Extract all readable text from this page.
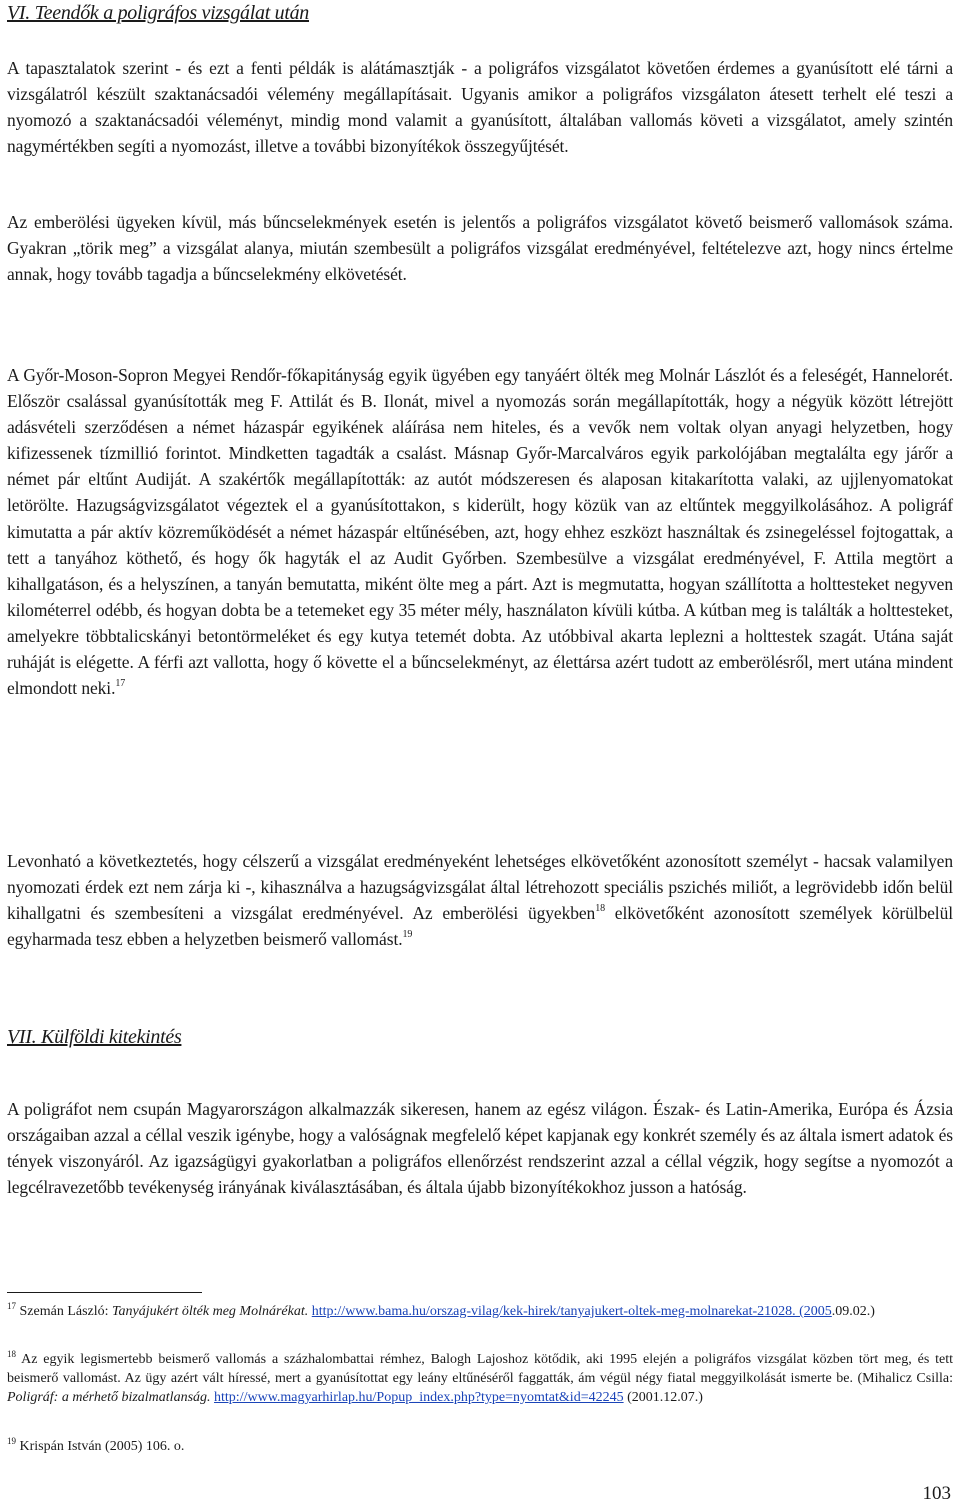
VI. Teendők a poligráfos vizsgálat után

A tapasztalatok szerint - és ezt a fenti példák is alátámasztják - a poligráfos vizsgálatot követően érdemes a gyanúsított elé tárni a vizsgálatról készült szaktanácsadói vélemény megállapításait. Ugyanis amikor a poligráfos vizsgálaton átesett terhelt elé teszi a nyomozó a szaktanácsadói véleményt, mindig mond valamit a gyanúsított, általában vallomás követi a vizsgálatot, amely szintén nagymértékben segíti a nyomozást, illetve a további bizonyítékok összegyűjtését.

Az emberölési ügyeken kívül, más bűncselekmények esetén is jelentős a poligráfos vizsgálatot követő beismerő vallomások száma. Gyakran „törik meg” a vizsgálat alanya, miután szembesült a poligráfos vizsgálat eredményével, feltételezve azt, hogy nincs értelme annak, hogy tovább tagadja a bűncselekmény elkövetését.

A Győr-Moson-Sopron Megyei Rendőr-főkapitányság egyik ügyében egy tanyáért ölték meg Molnár Lászlót és a feleségét, Hannelorét. Először csalással gyanúsították meg F. Attilát és B. Ilonát, mivel a nyomozás során megállapították, hogy a négyük között létrejött adásvételi szerződésen a német házaspár egyikének aláírása nem hiteles, és a vevők nem voltak olyan anyagi helyzetben, hogy kifizessenek tízmillió forintot. Mindketten tagadták a csalást. Másnap Győr-Marcalváros egyik parkolójában megtalálta egy járőr a német pár eltűnt Audiját. A szakértők megállapították: az autót módszeresen és alaposan kitakarította valaki, az ujjlenyomatokat letörölte. Hazugságvizsgálatot végeztek el a gyanúsítottakon, s kiderült, hogy közük van az eltűntek meggyilkolásához. A poligráf kimutatta a pár aktív közreműködését a német házaspár eltűnésében, azt, hogy ehhez eszközt használtak és zsinegeléssel fojtogattak, a tett a tanyához köthető, és hogy ők hagyták el az Audit Győrben. Szembesülve a vizsgálat eredményével, F. Attila megtört a kihallgatáson, és a helyszínen, a tanyán bemutatta, miként ölte meg a párt. Azt is megmutatta, hogyan szállította a holttesteket negyven kilométerrel odébb, és hogyan dobta be a tetemeket egy 35 méter mély, használaton kívüli kútba. A kútban meg is találták a holttesteket, amelyekre többtalicskányi betontörmeléket és egy kutya tetemét dobta. Az utóbbival akarta leplezni a holttestek szagát. Utána saját ruháját is elégette. A férfi azt vallotta, hogy ő követte el a bűncselekményt, az élettársa azért tudott az emberölésről, mert utána mindent elmondott neki.$^{17}$

Levonható a következtetés, hogy célszerű a vizsgálat eredményeként lehetséges elkövetőként azonosított személyt - hacsak valamilyen nyomozati érdek ezt nem zárja ki -, kihasználva a hazugságvizsgálat által létrehozott speciális pszichés miliőt, a legrövidebb időn belül kihallgatni és szembesíteni a vizsgálat eredményével. Az emberölési ügyekben$^{18}$ elkövetőként azonosított személyek körülbelül egyharmada tesz ebben a helyzetben beismerő vallomást.$^{19}$

VII. Külföldi kitekintés

A poligráfot nem csupán Magyarországon alkalmazzák sikeresen, hanem az egész világon. Észak- és Latin-Amerika, Európa és Ázsia országaiban azzal a céllal veszik igénybe, hogy a valóságnak megfelelő képet kapjanak egy konkrét személy és az általa ismert adatok és tények viszonyáról. Az igazságügyi gyakorlatban a poligráfos ellenőrzést rendszerint azzal a céllal végzik, hogy segítse a nyomozót a legcélravezetőbb tevékenység irányának kiválasztásában, és általa újabb bizonyítékokhoz jusson a hatóság.

$^{17}$ Szemán László: Tanyájukért ölték meg Molnárékat. http://www.bama.hu/orszag-vilag/kek-hirek/tanyajukert-oltek-meg-molnarekat-21028. (2005.09.02.)

$^{18}$ Az egyik legismertebb beismerő vallomás a százhalombattai rémhez, Balogh Lajoshoz kötődik, aki 1995 elején a poligráfos vizsgálat közben tört meg, és tett beismerő vallomást. Az ügy azért vált híressé, mert a gyanúsítottat egy leány eltűnéséről faggatták, ám végül négy fiatal meggyilkolását ismerte be. (Mihalicz Csilla: Poligráf: a mérhető bizalmatlanság. http://www.magyarhirlap.hu/Popup_index.php?type=nyomtat&id=42245 (2001.12.07.)

$^{19}$ Krispán István (2005) 106. o.

103
